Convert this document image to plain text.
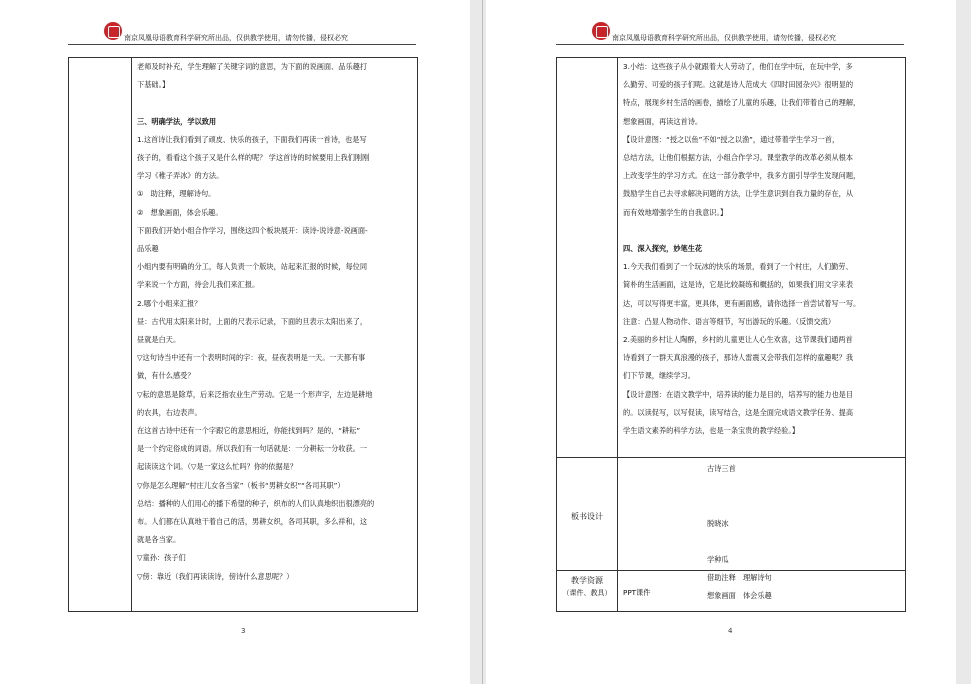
南京凤凰母语教育科学研究所出品，仅供教学使用，请勿传播，侵权必究

老师及时补充，学生理解了关键字词的意思，为下面的说画面、品乐趣打

下基础。】

三、明确学法，学以致用

1.这首诗让我们看到了顽皮、快乐的孩子，下面我们再读一首诗，也是写

孩子的，看看这个孩子又是什么样的呢？ 学这首诗的时候要用上我们刚刚

学习《稚子弄冰》的方法。

①　助注释，理解诗句。

②　想象画面，体会乐趣。

下面我们开始小组合作学习，围绕这四个板块展开：读诗-说诗意-说画面-

品乐趣

小组内要有明确的分工，每人负责一个版块，站起来汇报的时候，每位同

学来说一个方面，待会儿我们来汇报。

2.哪个小组来汇报？

昼：古代用太阳来计时，上面的尺表示记录，下面的旦表示太阳出来了，

昼就是白天。

▽这句诗当中还有一个表明时间的字：夜，昼夜表明是一天。一天都有事

做，有什么感受？

▽耘的意思是除草，后来泛指农业生产劳动。它是一个形声字，左边是耕地

的农具，右边表声。

在这首古诗中还有一个字跟它的意思相近，你能找到吗？是的，“耕耘”

是一个约定俗成的词语。所以我们有一句话就是：一分耕耘一分收获。一

起读读这个词。（▽是一家这么忙吗？你的依据是？

▽你是怎么理解“村庄儿女各当家”（板书“男耕女织”“各司其职”）

总结：播种的人们用心的播下希望的种子，织布的人们认真地织出很漂亮的

布。人们都在认真地干着自己的活，男耕女织，各司其职，多么祥和，这

就是各当家。

▽童孙：孩子们

▽傍：靠近（我们再读读诗，傍诗什么意思呢？）

3
南京凤凰母语教育科学研究所出品，仅供教学使用，请勿传播，侵权必究

3.小结：这些孩子从小就跟着大人劳动了，他们在学中玩，在玩中学，多

么勤劳、可爱的孩子们呢。这就是诗人范成大《四时田园杂兴》很明显的

特点，展现乡村生活的画卷，描绘了儿童的乐趣，让我们带着自己的理解，

想象画面，再读这首诗。

【设计意图：“授之以鱼”不如“授之以渔”，通过带着学生学习一首，

总结方法，让他们根据方法，小组合作学习。课堂教学的改革必须从根本

上改变学生的学习方式。在这一部分教学中，我多方面引导学生发现问题，

鼓励学生自己去寻求解决问题的方法，让学生意识到自我力量的存在，从

而有效地增强学生的自我意识。】

四、深入探究，妙笔生花

1.今天我们看到了一个玩冰的快乐的场景，看到了一个村庄，人们勤劳、

简朴的生活画面，这是诗，它是比较凝练和概括的，如果我们用文字来表

达，可以写得更丰富，更具体，更有画面感，请你选择一首尝试着写一写。

注意：凸显人物动作、语言等细节，写出游玩的乐趣。（反馈交流）

2.美丽的乡村让人陶醉，乡村的儿童更让人心生欢喜，这节课我们通两首

诗看到了一群天真浪漫的孩子，那诗人雷震又会带我们怎样的童趣呢？我

们下节课，继续学习。

【设计意图：在语文教学中，培养读的能力是目的，培养写的能力也是目

的。以读促写，以写促读，读写结合，这是全面完成语文教学任务、提高

学生语文素养的科学方法，也是一条宝贵的教学经验。】

板书设计

古诗三首

脱晓冰

学种瓜

借助注释　理解诗句

想象画面　体会乐趣

教学资源
（课件、教具）	PPT课件
4
